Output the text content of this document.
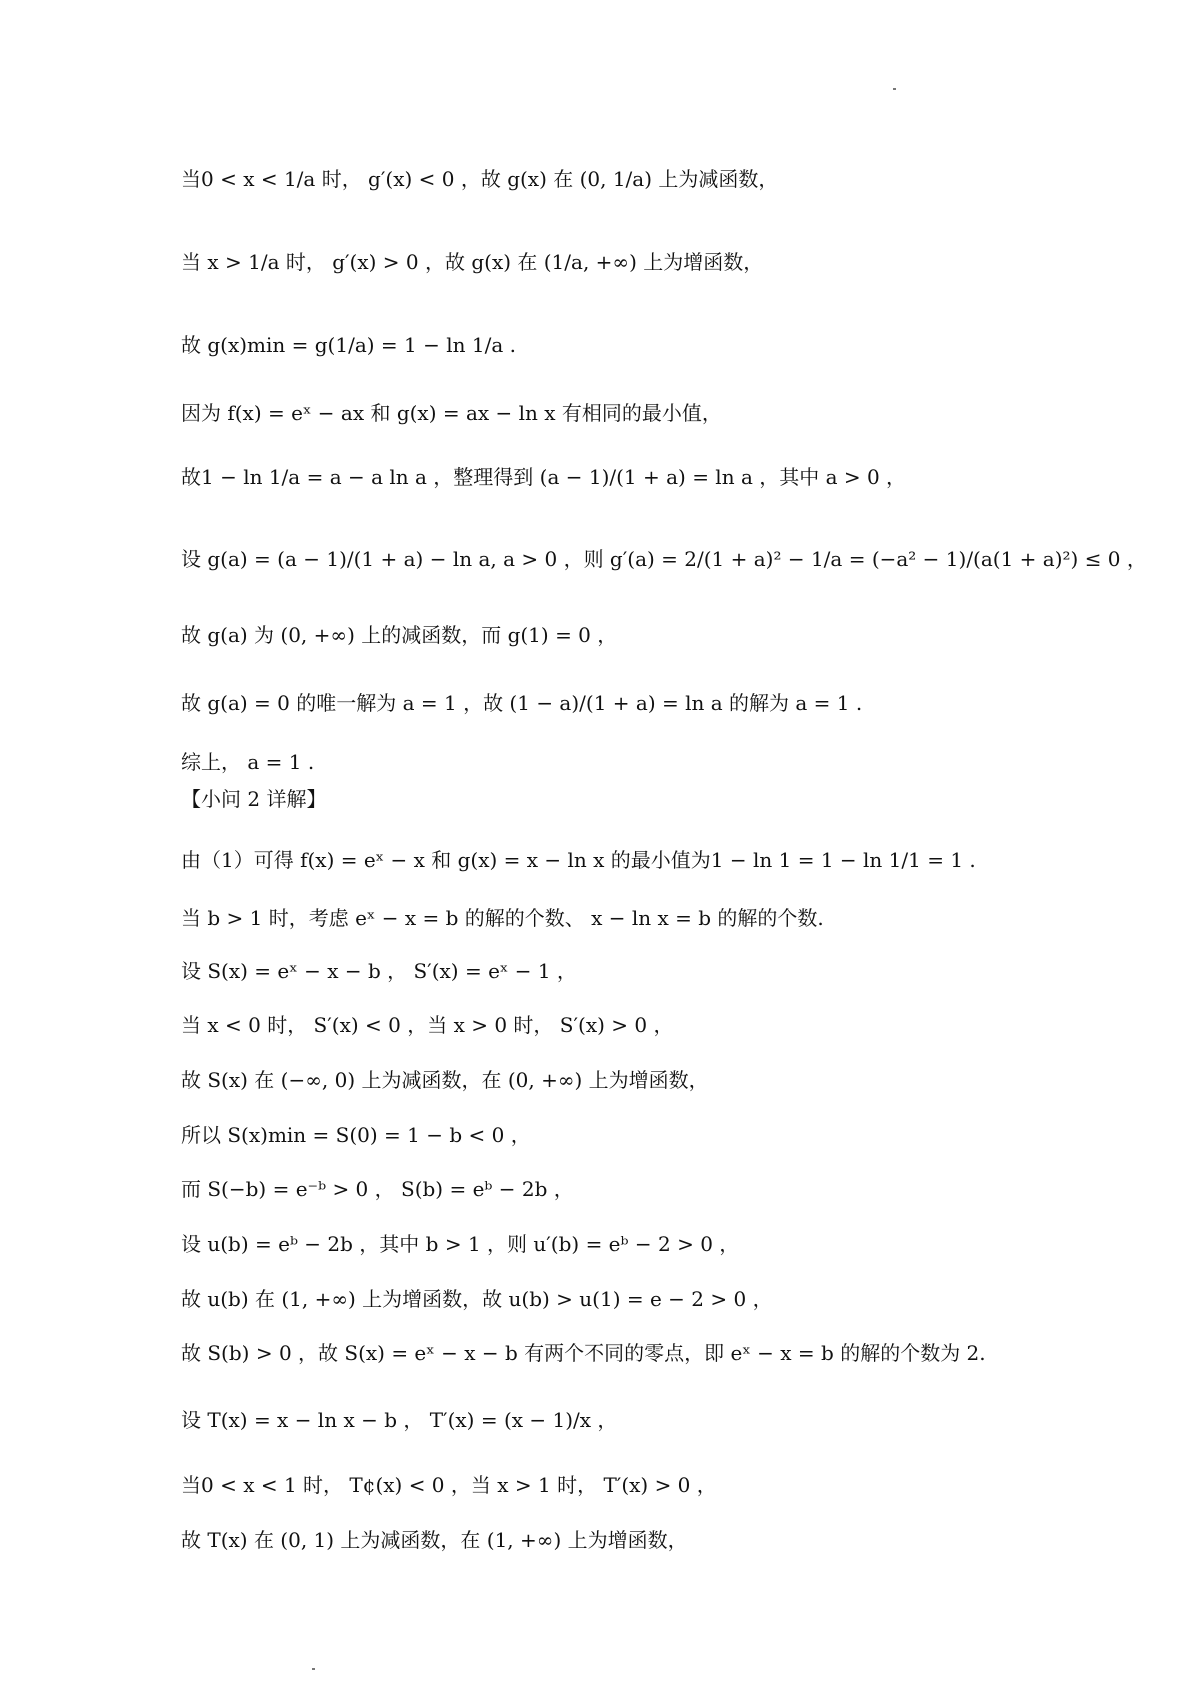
当0 < x < 1/a 时， g′(x) < 0 ，故 g(x) 在 (0, 1/a) 上为减函数，
当 x > 1/a 时， g′(x) > 0 ，故 g(x) 在 (1/a, +∞) 上为增函数，
故 g(x)min = g(1/a) = 1 − ln 1/a .
因为 f(x) = eˣ − ax 和 g(x) = ax − ln x 有相同的最小值，
故1 − ln 1/a = a − a ln a ，整理得到 (a − 1)/(1 + a) = ln a ，其中 a > 0 ，
设 g(a) = (a − 1)/(1 + a) − ln a, a > 0 ，则 g′(a) = 2/(1 + a)² − 1/a = (−a² − 1)/(a(1 + a)²) ≤ 0 ，
故 g(a) 为 (0, +∞) 上的减函数，而 g(1) = 0 ，
故 g(a) = 0 的唯一解为 a = 1 ，故 (1 − a)/(1 + a) = ln a 的解为 a = 1 .
综上， a = 1 .
【小问 2 详解】
由（1）可得 f(x) = eˣ − x 和 g(x) = x − ln x 的最小值为1 − ln 1 = 1 − ln 1/1 = 1 .
当 b > 1 时，考虑 eˣ − x = b 的解的个数、 x − ln x = b 的解的个数.
设 S(x) = eˣ − x − b ， S′(x) = eˣ − 1 ，
当 x < 0 时， S′(x) < 0 ，当 x > 0 时， S′(x) > 0 ，
故 S(x) 在 (−∞, 0) 上为减函数，在 (0, +∞) 上为增函数，
所以 S(x)min = S(0) = 1 − b < 0 ，
而 S(−b) = e⁻ᵇ > 0 ， S(b) = eᵇ − 2b ，
设 u(b) = eᵇ − 2b ，其中 b > 1 ，则 u′(b) = eᵇ − 2 > 0 ，
故 u(b) 在 (1, +∞) 上为增函数，故 u(b) > u(1) = e − 2 > 0 ，
故 S(b) > 0 ，故 S(x) = eˣ − x − b 有两个不同的零点，即 eˣ − x = b 的解的个数为 2.
设 T(x) = x − ln x − b ， T′(x) = (x − 1)/x ，
当0 < x < 1 时， T¢(x) < 0 ，当 x > 1 时， T′(x) > 0 ，
故 T(x) 在 (0, 1) 上为减函数，在 (1, +∞) 上为增函数，
